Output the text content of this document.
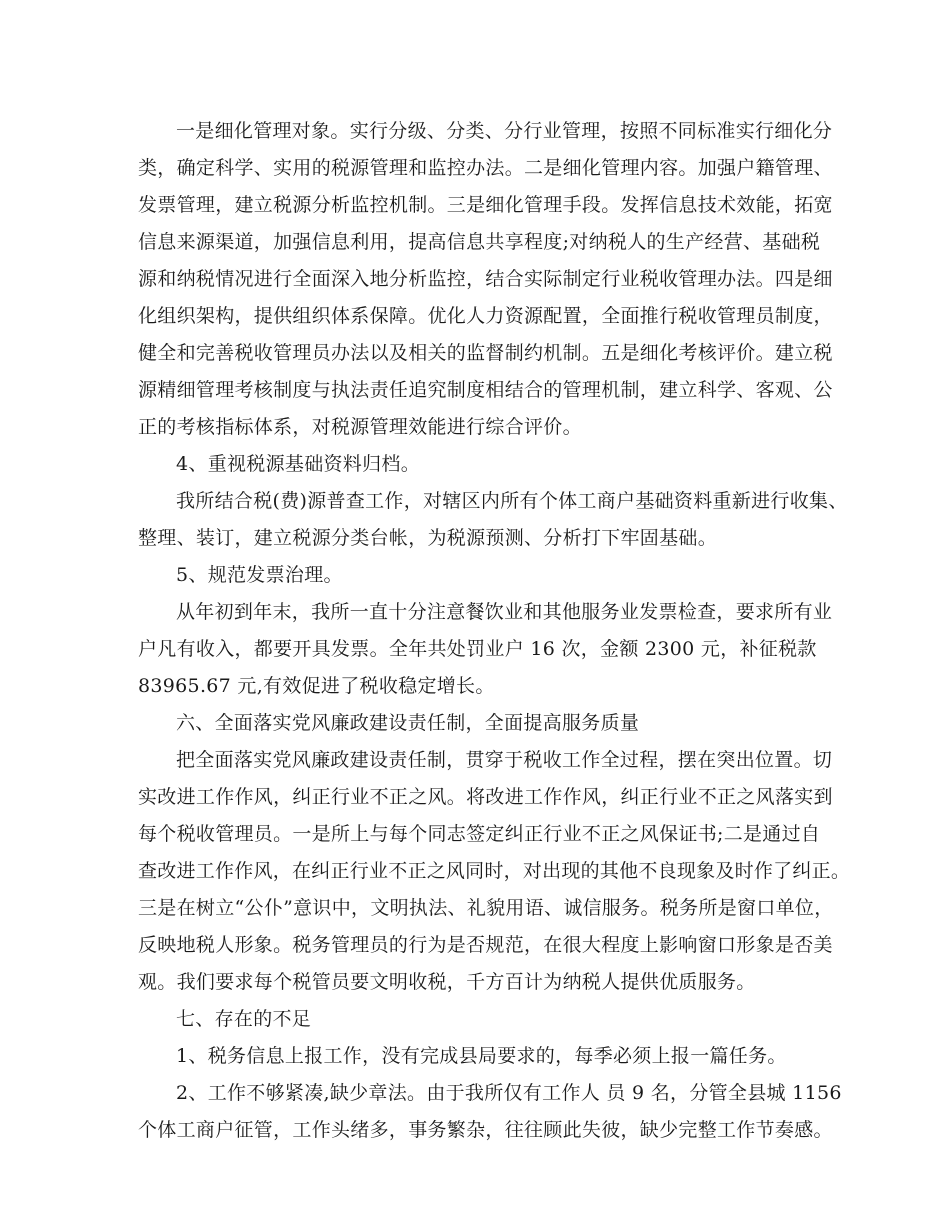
一是细化管理对象。实行分级、分类、分行业管理，按照不同标准实行细化分

类，确定科学、实用的税源管理和监控办法。二是细化管理内容。加强户籍管理、

发票管理，建立税源分析监控机制。三是细化管理手段。发挥信息技术效能，拓宽

信息来源渠道，加强信息利用，提高信息共享程度;对纳税人的生产经营、基础税

源和纳税情况进行全面深入地分析监控，结合实际制定行业税收管理办法。四是细

化组织架构，提供组织体系保障。优化人力资源配置，全面推行税收管理员制度，

健全和完善税收管理员办法以及相关的监督制约机制。五是细化考核评价。建立税

源精细管理考核制度与执法责任追究制度相结合的管理机制，建立科学、客观、公

正的考核指标体系，对税源管理效能进行综合评价。

4、重视税源基础资料归档。

我所结合税(费)源普查工作，对辖区内所有个体工商户基础资料重新进行收集、

整理、装订，建立税源分类台帐，为税源预测、分析打下牢固基础。

5、规范发票治理。

从年初到年末，我所一直十分注意餐饮业和其他服务业发票检查，要求所有业

户凡有收入，都要开具发票。全年共处罚业户 16 次，金额 2300 元，补征税款

83965.67 元,有效促进了税收稳定增长。

六、全面落实党风廉政建设责任制，全面提高服务质量

把全面落实党风廉政建设责任制，贯穿于税收工作全过程，摆在突出位置。切

实改进工作作风，纠正行业不正之风。将改进工作作风，纠正行业不正之风落实到

每个税收管理员。一是所上与每个同志签定纠正行业不正之风保证书;二是通过自

查改进工作作风，在纠正行业不正之风同时，对出现的其他不良现象及时作了纠正。

三是在树立“公仆”意识中，文明执法、礼貌用语、诚信服务。税务所是窗口单位，

反映地税人形象。税务管理员的行为是否规范，在很大程度上影响窗口形象是否美

观。我们要求每个税管员要文明收税，千方百计为纳税人提供优质服务。

七、存在的不足

1、税务信息上报工作，没有完成县局要求的，每季必须上报一篇任务。

2、工作不够紧凑,缺少章法。由于我所仅有工作人 员 9 名，分管全县城 1156

个体工商户征管，工作头绪多，事务繁杂，往往顾此失彼，缺少完整工作节奏感。
